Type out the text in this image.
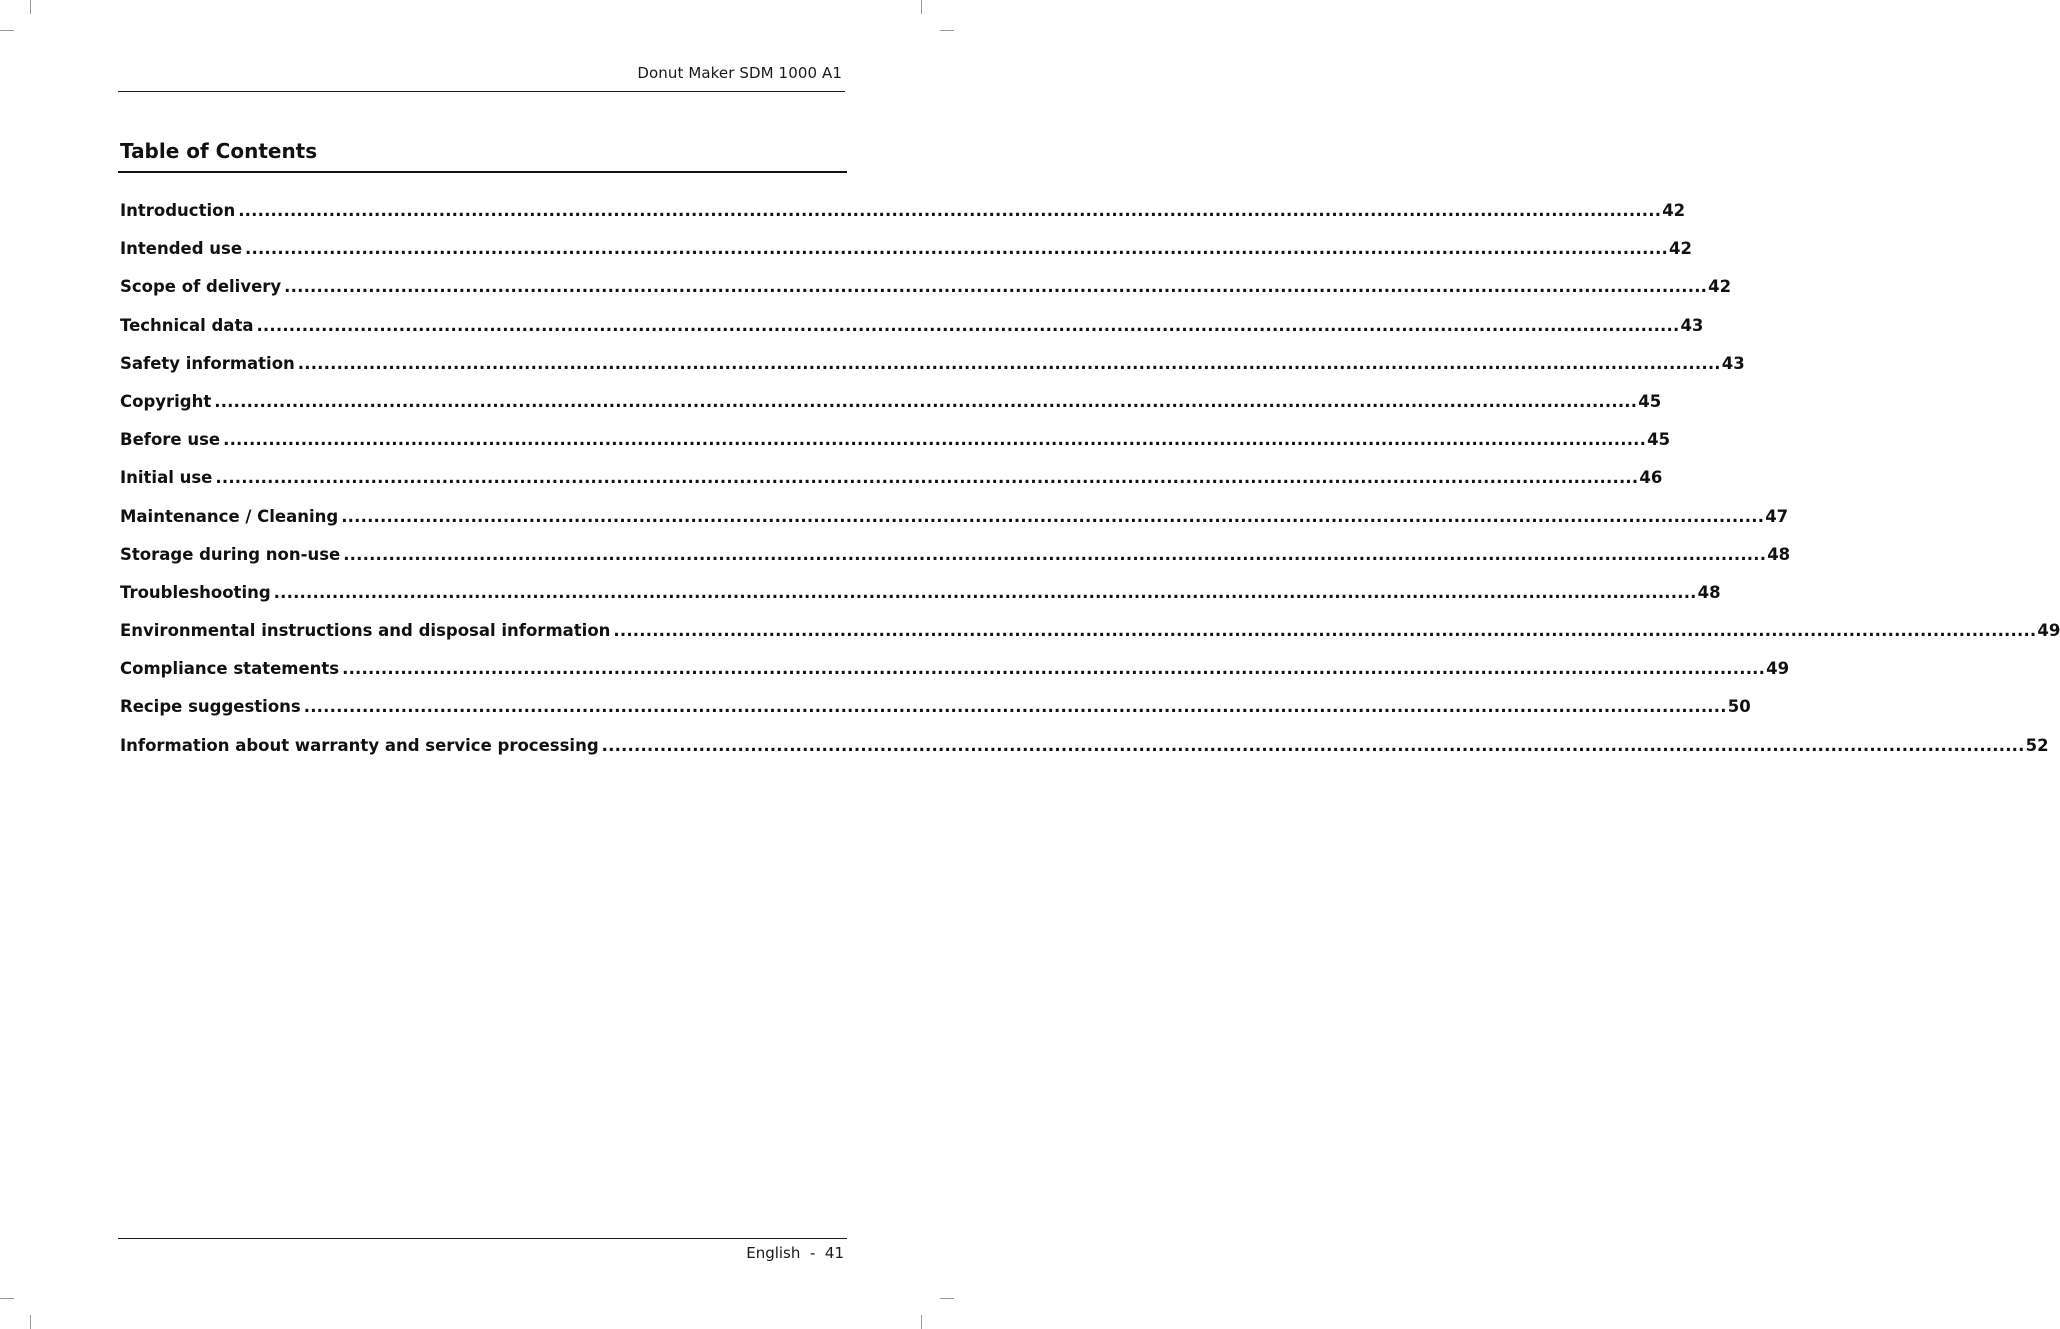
Donut Maker SDM 1000 A1
Table of Contents
Introduction ............................................................................................................................................................................................................................ 42
Intended use ............................................................................................................................................................................................................................ 42
Scope of delivery ............................................................................................................................................................................................................................ 42
Technical data ............................................................................................................................................................................................................................ 43
Safety information ............................................................................................................................................................................................................................ 43
Copyright ............................................................................................................................................................................................................................ 45
Before use ............................................................................................................................................................................................................................ 45
Initial use ............................................................................................................................................................................................................................ 46
Maintenance / Cleaning ............................................................................................................................................................................................................................ 47
Storage during non-use ............................................................................................................................................................................................................................ 48
Troubleshooting ............................................................................................................................................................................................................................ 48
Environmental instructions and disposal information ............................................................................................................................................................................................................................ 49
Compliance statements ............................................................................................................................................................................................................................ 49
Recipe suggestions ............................................................................................................................................................................................................................ 50
Information about warranty and service processing ............................................................................................................................................................................................................................ 52
English - 41
